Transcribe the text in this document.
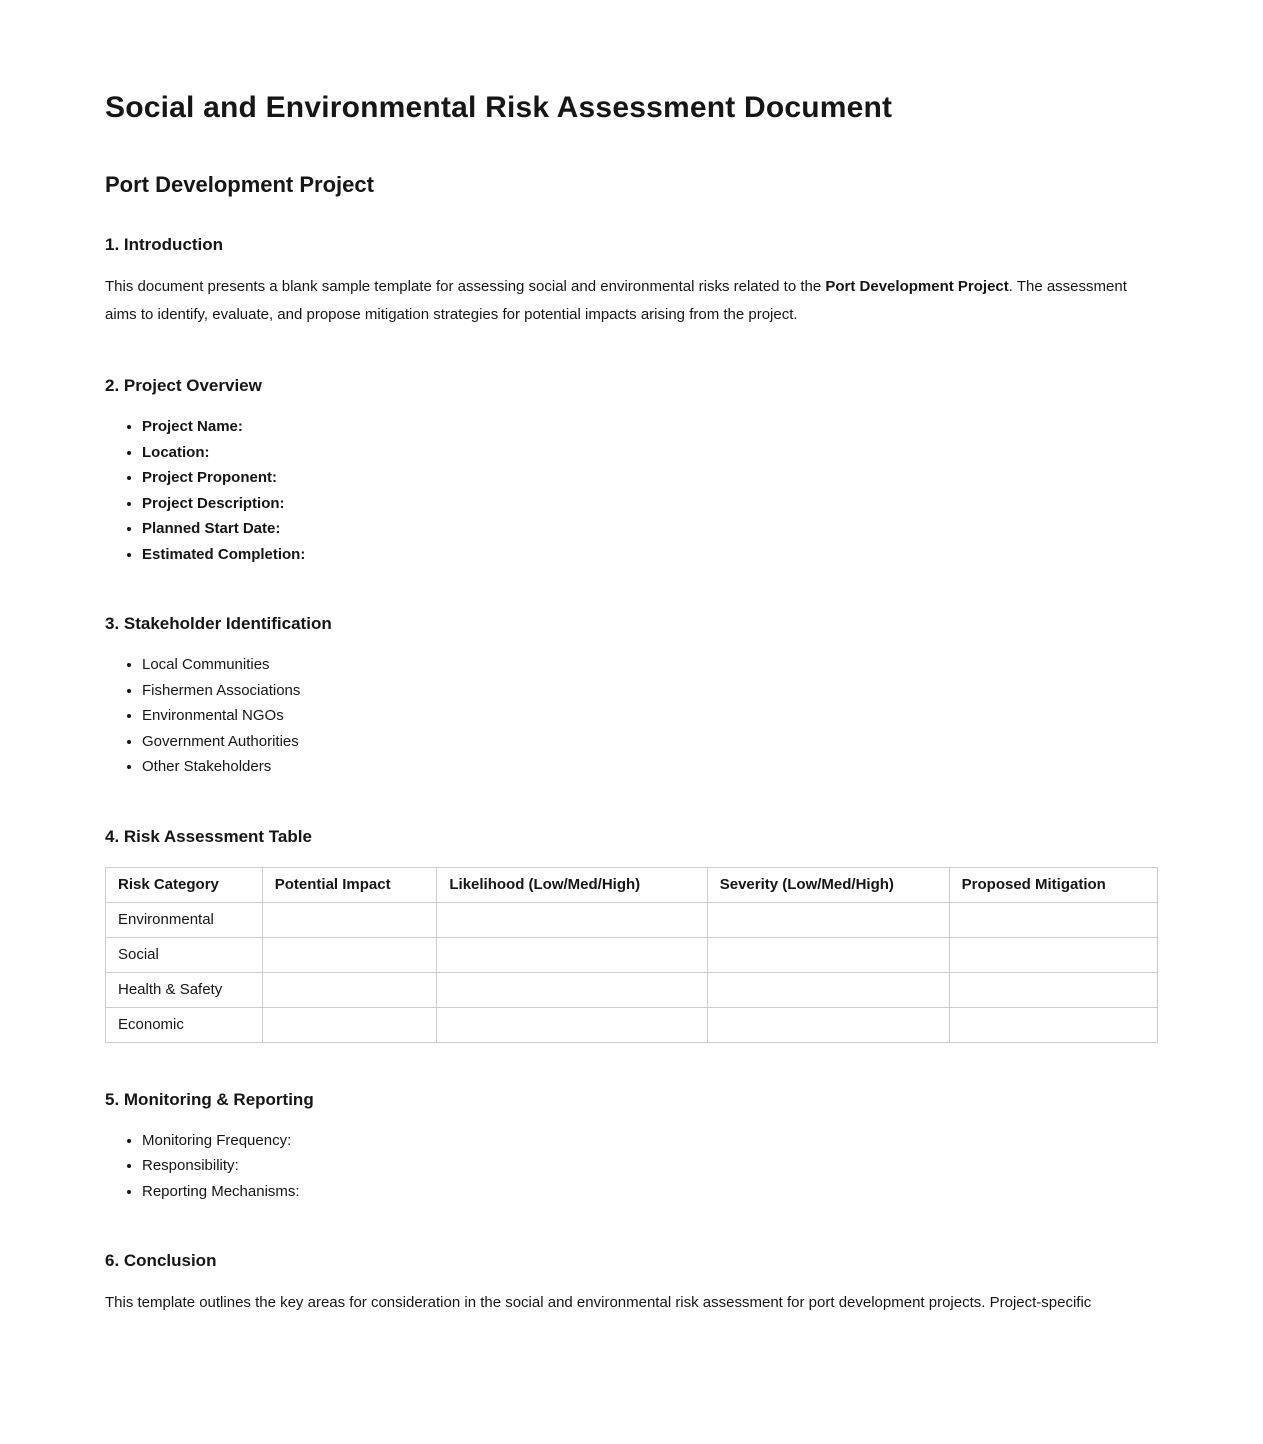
Social and Environmental Risk Assessment Document
Port Development Project
1. Introduction

This document presents a blank sample template for assessing social and environmental risks related to the Port Development Project. The assessment aims to identify, evaluate, and propose mitigation strategies for potential impacts arising from the project.

2. Project Overview
• Project Name:
• Location:
• Project Proponent:
• Project Description:
• Planned Start Date:
• Estimated Completion:
3. Stakeholder Identification
• Local Communities
• Fishermen Associations
• Environmental NGOs
• Government Authorities
• Other Stakeholders
4. Risk Assessment Table
Risk Category	Potential Impact	Likelihood (Low/Med/High)	Severity (Low/Med/High)	Proposed Mitigation
Environmental				
Social				
Health & Safety				
Economic				
5. Monitoring & Reporting
• Monitoring Frequency:
• Responsibility:
• Reporting Mechanisms:
6. Conclusion

This template outlines the key areas for consideration in the social and environmental risk assessment for port development projects. Project-specific
